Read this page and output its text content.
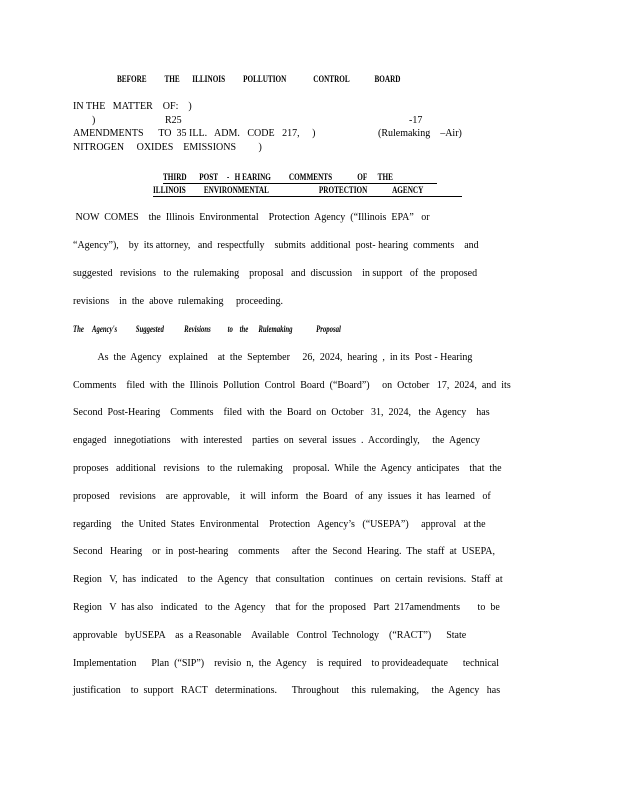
BEFORE          THE       ILLINOIS          POLLUTION               CONTROL              BOARD
IN THE   MATTER    OF:    )
)	R25	-17
AMENDMENTS      TO  35 ILL.   ADM.   CODE   217,     )	(Rulemaking    –Air)
NITROGEN     OXIDES    EMISSIONS         )
THIRD       POST     -   H EARING          COMMENTS              OF      THE
ILLINOIS          ENVIRONMENTAL                            PROTECTION              AGENCY
NOW  COMES    the  Illinois  Environmental    Protection  Agency  (“Illinois  EPA”   or
“Agency”),    by  its attorney,   and  respectfully    submits  additional  post- hearing  comments    and
suggested   revisions   to  the  rulemaking    proposal   and  discussion    in support   of  the  proposed
revisions    in  the  above  rulemaking     proceeding.
The     Agency's           Suggested            Revisions          to    the      Rulemaking              Proposal
As  the  Agency   explained    at  the  September     26,  2024,  hearing  ,  in its  Post - Hearing
Comments    filed  with  the  Illinois  Pollution  Control  Board  (“Board”)     on  October   17,  2024,  and  its
Second  Post-Hearing    Comments    filed  with  the  Board  on  October   31,  2024,   the  Agency    has
engaged   innegotiations    with  interested    parties  on  several  issues  .  Accordingly,     the  Agency
proposes   additional   revisions   to  the  rulemaking    proposal.  While  the  Agency  anticipates    that  the
proposed    revisions    are  approvable,    it  will  inform   the  Board   of  any  issues  it  has  learned   of
regarding    the  United  States  Environmental    Protection   Agency’s   (“USEPA”)     approval   at the
Second   Hearing    or  in  post-hearing    comments     after  the  Second  Hearing.  The  staff  at  USEPA,
Region   V,  has  indicated    to  the  Agency   that  consultation    continues   on  certain  revisions.  Staff  at
Region   V  has also   indicated   to  the  Agency    that  for  the  proposed   Part  217amendments       to  be
approvable   byUSEPA    as  a Reasonable    Available   Control  Technology    (“RACT”)      State
Implementation      Plan  (“SIP”)    revisio  n,  the  Agency    is  required    to provideadequate      technical
justification    to  support   RACT   determinations.      Throughout     this  rulemaking,     the  Agency   has
